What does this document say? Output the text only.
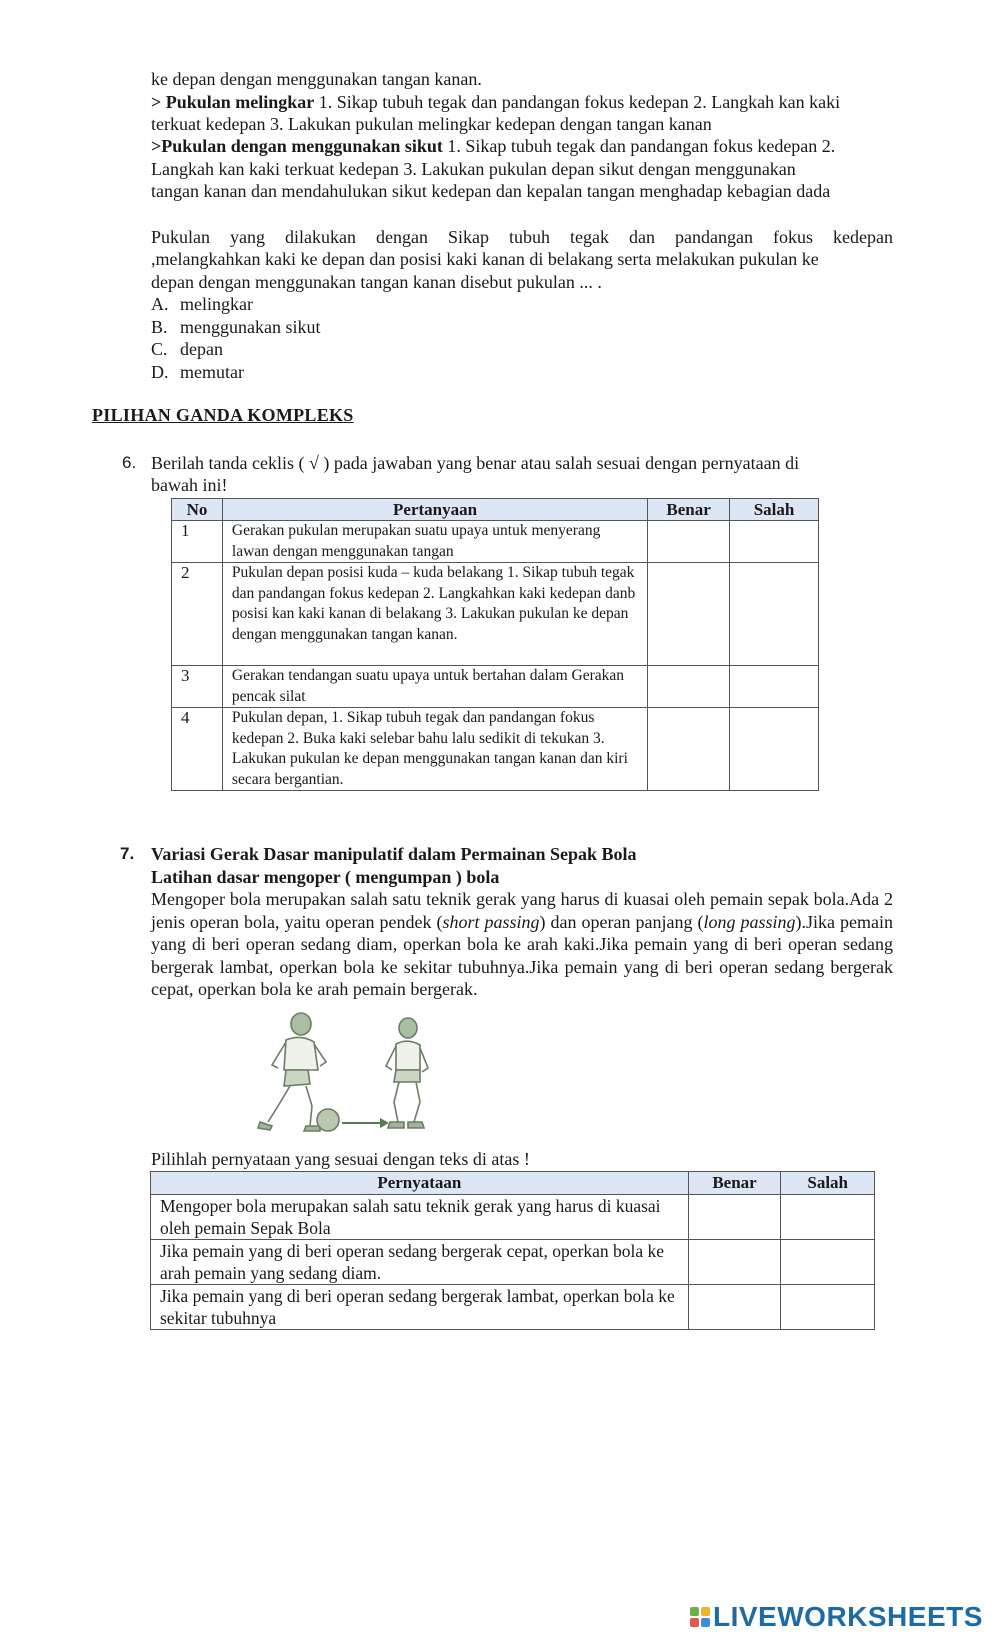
ke depan dengan menggunakan tangan kanan.
> Pukulan melingkar 1. Sikap tubuh tegak dan pandangan fokus kedepan 2. Langkah kan kaki
terkuat kedepan 3. Lakukan pukulan melingkar kedepan dengan tangan kanan
>Pukulan dengan menggunakan sikut 1. Sikap tubuh tegak dan pandangan fokus kedepan 2.
Langkah kan kaki terkuat kedepan 3. Lakukan pukulan depan sikut dengan menggunakan
tangan kanan dan mendahulukan sikut kedepan dan kepalan tangan menghadap kebagian dada
Pukulan yang dilakukan dengan Sikap tubuh tegak dan pandangan fokus kedepan
,melangkahkan kaki ke depan dan posisi kaki kanan di belakang serta melakukan pukulan ke
depan dengan menggunakan tangan kanan disebut pukulan ... .
A. melingkar
B. menggunakan sikut
C. depan
D. memutar
PILIHAN GANDA KOMPLEKS
6. Berilah tanda ceklis ( √ ) pada jawaban yang benar atau salah sesuai dengan pernyataan di
bawah ini!
No	Pertanyaan	Benar	Salah
1	Gerakan pukulan merupakan suatu upaya untuk menyerang lawan dengan menggunakan tangan		
2	Pukulan depan posisi kuda – kuda belakang 1. Sikap tubuh tegak dan pandangan fokus kedepan 2. Langkahkan kaki kedepan danb posisi kan kaki kanan di belakang 3. Lakukan pukulan ke depan dengan menggunakan tangan kanan.		
3	Gerakan tendangan suatu upaya untuk bertahan dalam Gerakan pencak silat		
4	Pukulan depan, 1. Sikap tubuh tegak dan pandangan fokus kedepan 2. Buka kaki selebar bahu lalu sedikit di tekukan 3. Lakukan pukulan ke depan menggunakan tangan kanan dan kiri secara bergantian.		
7. Variasi Gerak Dasar manipulatif dalam Permainan Sepak Bola
Latihan dasar mengoper ( mengumpan ) bola
Mengoper bola merupakan salah satu teknik gerak yang harus di kuasai oleh pemain sepak bola.Ada 2 jenis operan bola, yaitu operan pendek (short passing) dan operan panjang (long passing).Jika pemain yang di beri operan sedang diam, operkan bola ke arah kaki.Jika pemain yang di beri operan sedang bergerak lambat, operkan bola ke sekitar tubuhnya.Jika pemain yang di beri operan sedang bergerak cepat, operkan bola ke arah pemain bergerak.
Pilihlah pernyataan yang sesuai dengan teks di atas !
Pernyataan	Benar	Salah
Mengoper bola merupakan salah satu teknik gerak yang harus di kuasai oleh pemain Sepak Bola		
Jika pemain yang di beri operan sedang bergerak cepat, operkan bola ke arah pemain yang sedang diam.		
Jika pemain yang di beri operan sedang bergerak lambat, operkan bola ke sekitar tubuhnya		
LIVEWORKSHEETS
